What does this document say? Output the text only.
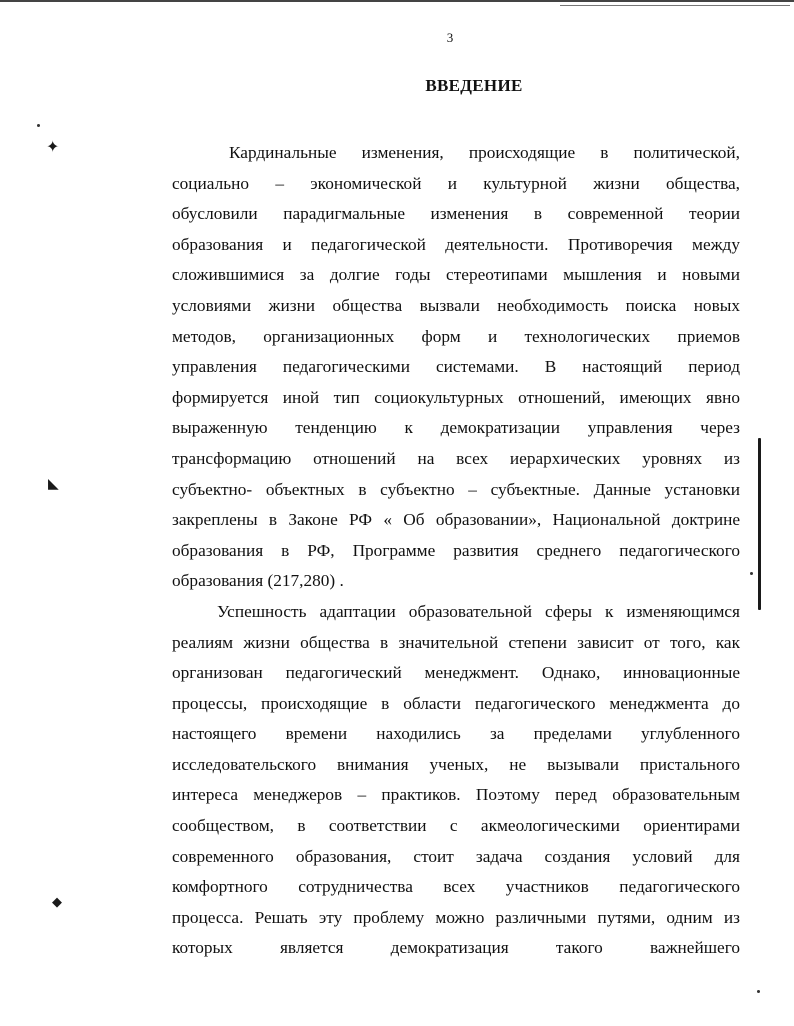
3
ВВЕДЕНИЕ
✦
◣
◆
Кардинальные изменения, происходящие в политической,
социально – экономической и культурной жизни общества,
обусловили парадигмальные изменения в современной теории
образования и педагогической деятельности. Противоречия между
сложившимися за долгие годы стереотипами мышления и новыми
условиями жизни общества вызвали необходимость поиска новых
методов, организационных форм и технологических приемов
управления педагогическими системами. В настоящий период
формируется иной тип социокультурных отношений, имеющих явно
выраженную тенденцию к демократизации управления через
трансформацию отношений на всех иерархических уровнях из
субъектно- объектных в субъектно – субъектные. Данные установки
закреплены в Законе РФ « Об образовании», Национальной доктрине
образования в РФ, Программе развития среднего педагогического
образования (217,280) .
Успешность адаптации образовательной сферы к изменяющимся
реалиям жизни общества в значительной степени зависит от того, как
организован педагогический менеджмент. Однако, инновационные
процессы, происходящие в области педагогического менеджмента до
настоящего времени находились за пределами углубленного
исследовательского внимания ученых, не вызывали пристального
интереса менеджеров – практиков. Поэтому перед образовательным
сообществом, в соответствии с акмеологическими ориентирами
современного образования, стоит задача создания условий для
комфортного сотрудничества всех участников педагогического
процесса. Решать эту проблему можно различными путями, одним из
которых является демократизация такого важнейшего
